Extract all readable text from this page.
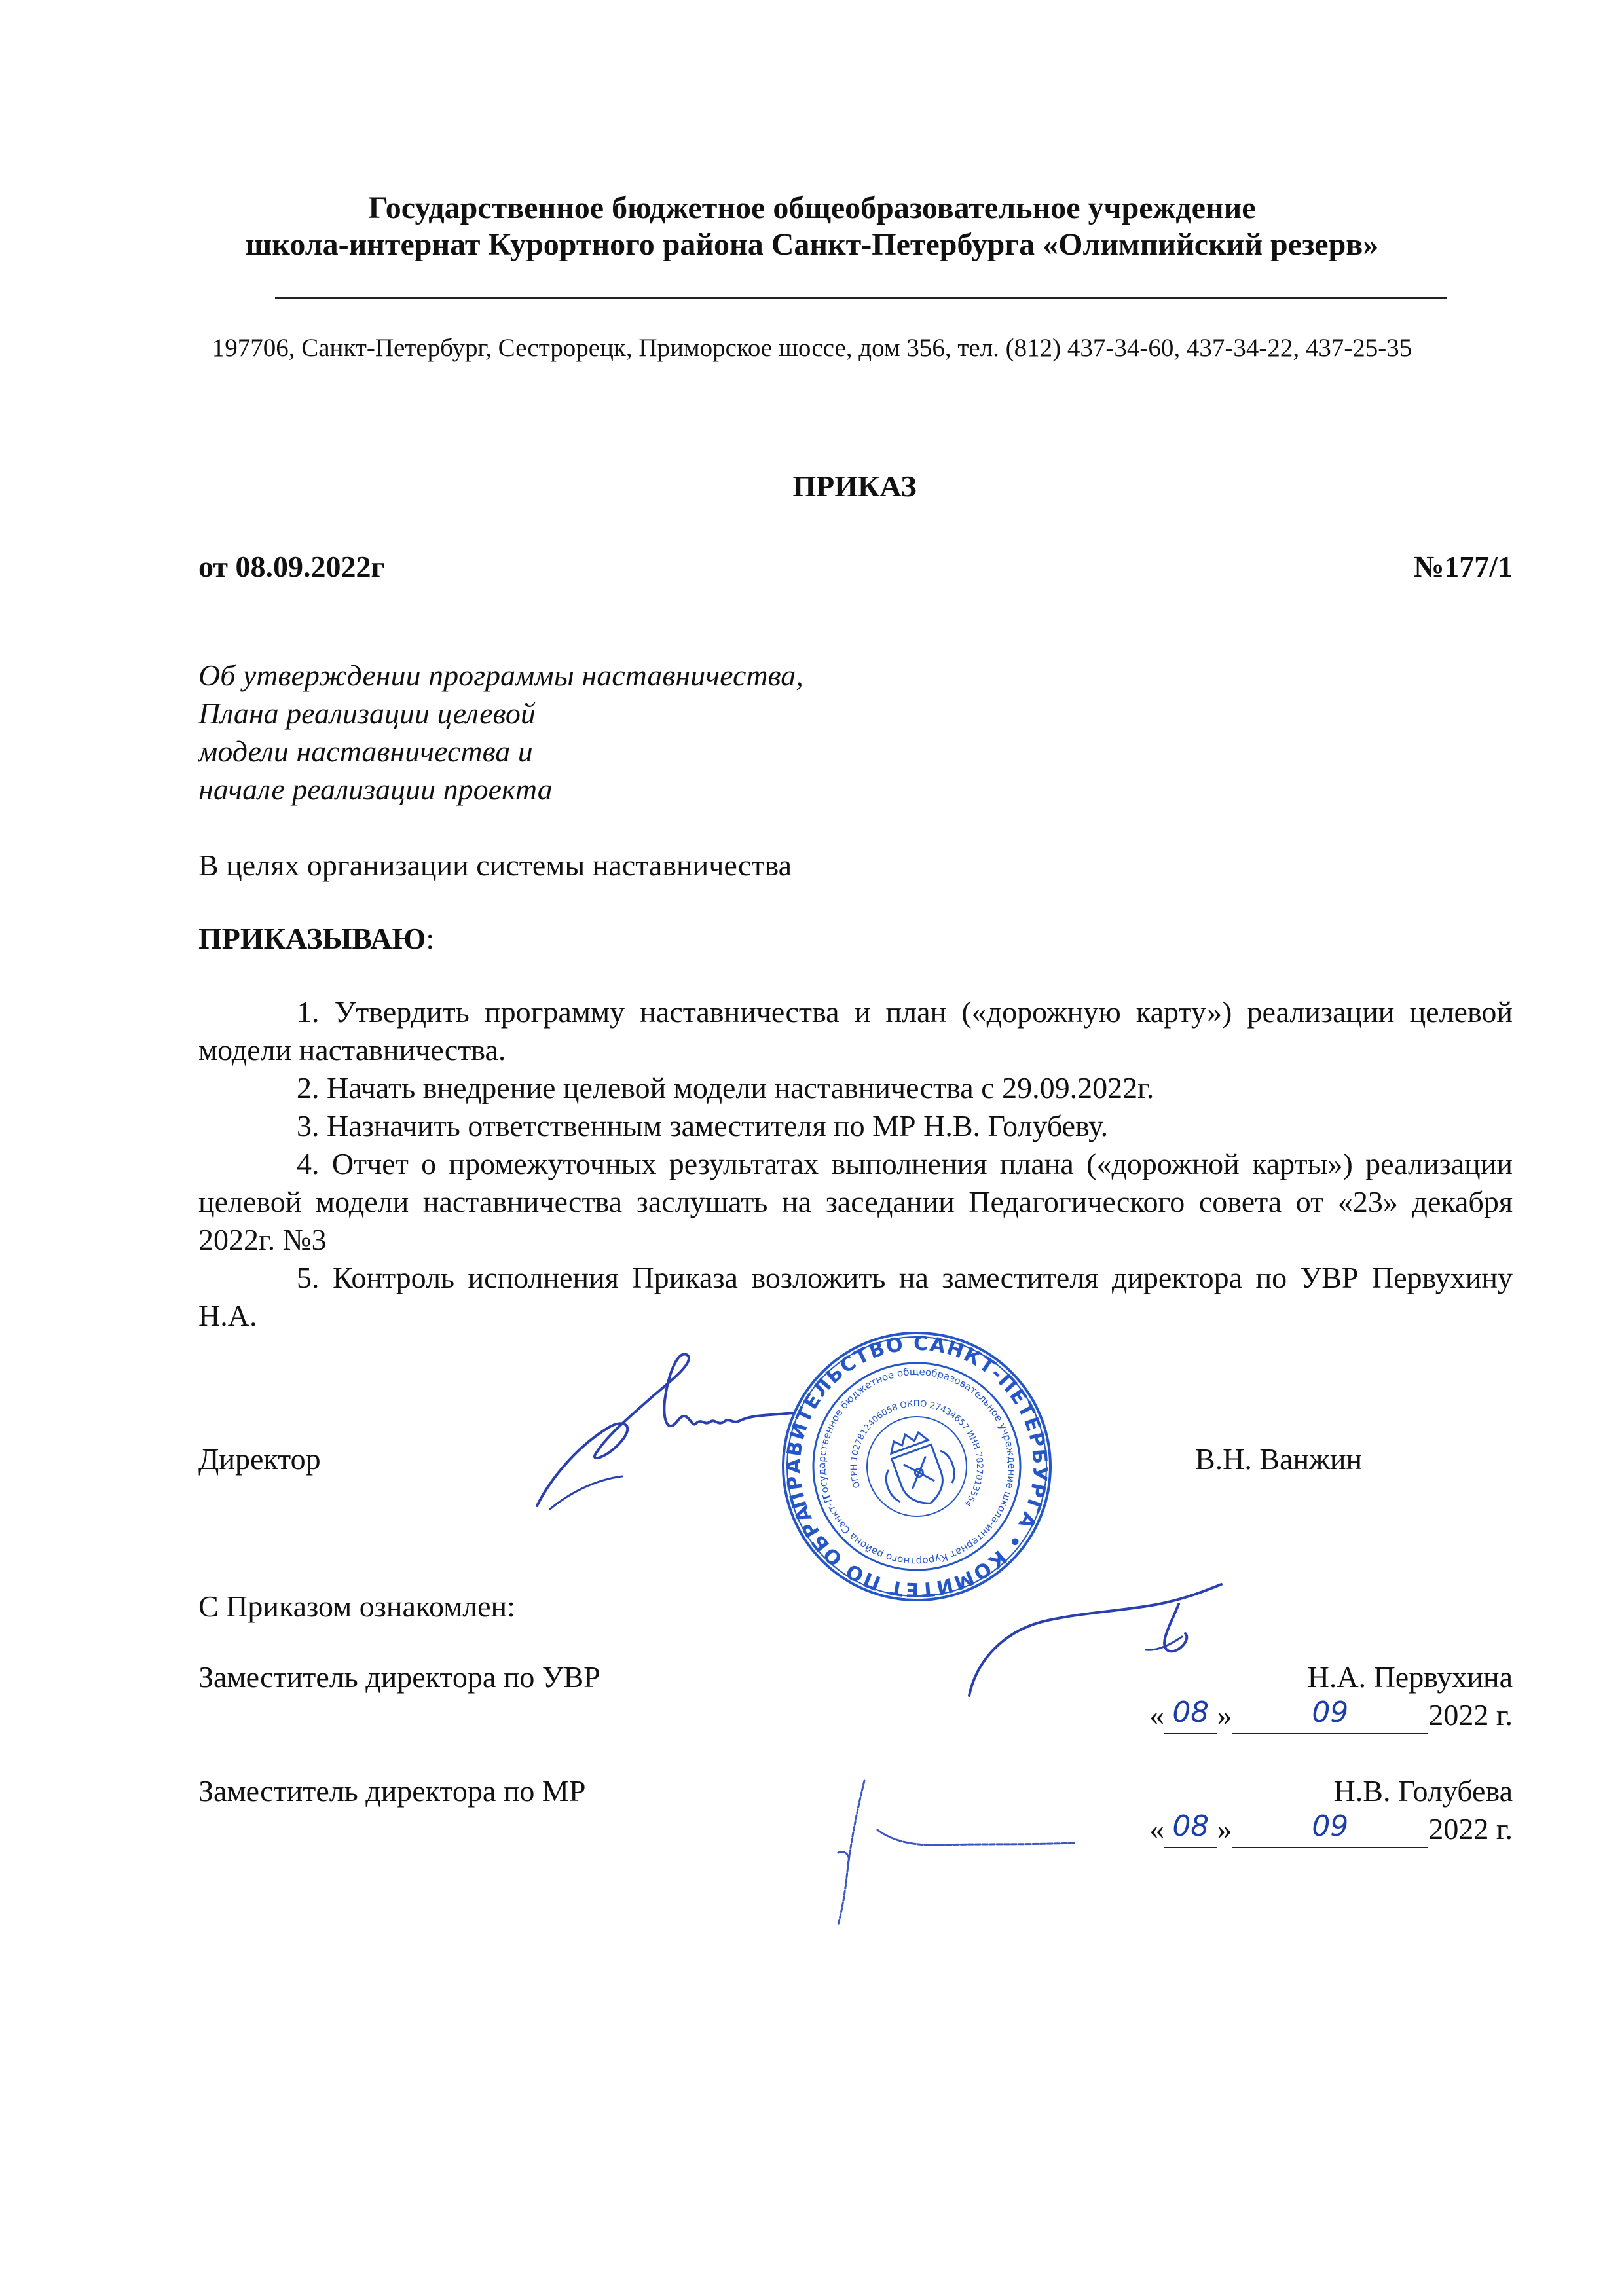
Государственное бюджетное общеобразовательное учреждение
школа-интернат Курортного района Санкт-Петербурга «Олимпийский резерв»
197706, Санкт-Петербург, Сестрорецк, Приморское шоссе, дом 356, тел. (812) 437-34-60, 437-34-22, 437-25-35
ПРИКАЗ
от 08.09.2022г	№177/1
Об утверждении программы наставничества,
Плана реализации целевой
модели наставничества и
начале реализации проекта
В целях организации системы наставничества
ПРИКАЗЫВАЮ:
1. Утвердить программу наставничества и план («дорожную карту») реализации целевой модели наставничества.
2. Начать внедрение целевой модели наставничества с 29.09.2022г.
3. Назначить ответственным заместителя по МР Н.В. Голубеву.
4. Отчет о промежуточных результатах выполнения плана («дорожной карты») реализации целевой модели наставничества заслушать на заседании Педагогического совета от «23» декабря 2022г. №3
5. Контроль исполнения Приказа возложить на заместителя директора по УВР Первухину Н.А.
Директор	В.Н. Ванжин
ПРАВИТЕЛЬСТВО САНКТ-ПЕТЕРБУРГА • КОМИТЕТ ПО ОБРАЗОВАНИЮ
Государственное бюджетное общеобразовательное учреждение школа-интернат Курортного района Санкт-Петербурга
ОГРН 1027812406058 ОКПО 27434657 ИНН 7827013554
С Приказом ознакомлен:
Заместитель директора по УВР	Н.А. Первухина
« 08 »	09	2022 г.
Заместитель директора по МР	Н.В. Голубева
« 08 »	09	2022 г.
